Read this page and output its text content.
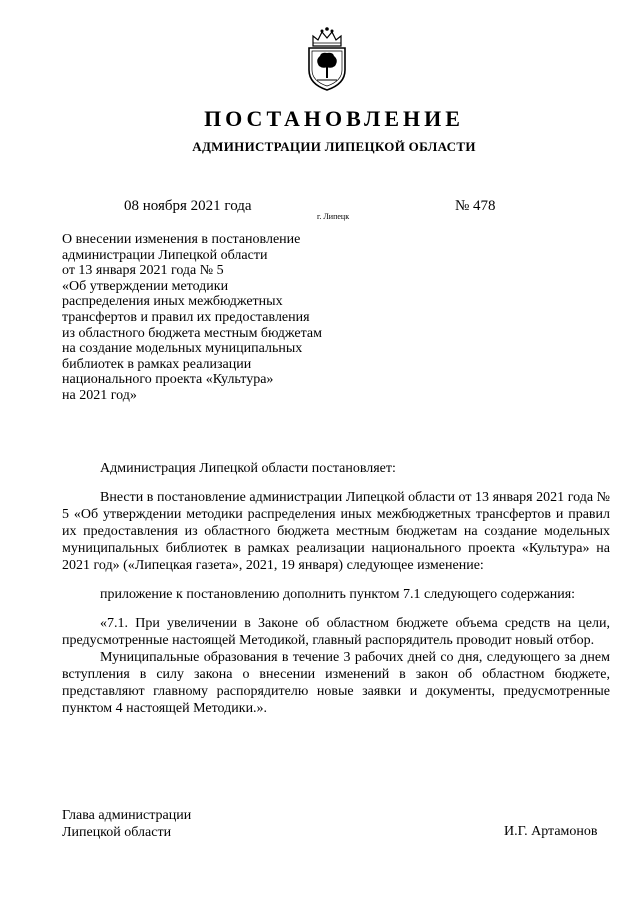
ПОСТАНОВЛЕНИЕ
АДМИНИСТРАЦИИ ЛИПЕЦКОЙ ОБЛАСТИ
08 ноября 2021 года
г. Липецк
№ 478
О внесении изменения в постановление
администрации Липецкой области
от 13 января 2021 года № 5
«Об утверждении методики
распределения иных межбюджетных
трансфертов и правил их предоставления
из областного бюджета местным бюджетам
на создание модельных муниципальных
библиотек в рамках реализации
национального проекта «Культура»
на 2021 год»

Администрация Липецкой области постановляет:

Внести в постановление администрации Липецкой области от 13 января 2021 года № 5 «Об утверждении методики распределения иных межбюджетных трансфертов и правил их предоставления из областного бюджета местным бюджетам на создание модельных муниципальных библиотек в рамках реализации национального проекта «Культура» на 2021 год» («Липецкая газета», 2021, 19 января) следующее изменение:

приложение к постановлению дополнить пунктом 7.1 следующего содержания:

«7.1. При увеличении в Законе об областном бюджете объема средств на цели, предусмотренные настоящей Методикой, главный распорядитель проводит новый отбор.

Муниципальные образования в течение 3 рабочих дней со дня, следующего за днем вступления в силу закона о внесении изменений в закон об областном бюджете, представляют главному распорядителю новые заявки и документы, предусмотренные пунктом 4 настоящей Методики.».

Глава администрации
Липецкой области	И.Г. Артамонов
